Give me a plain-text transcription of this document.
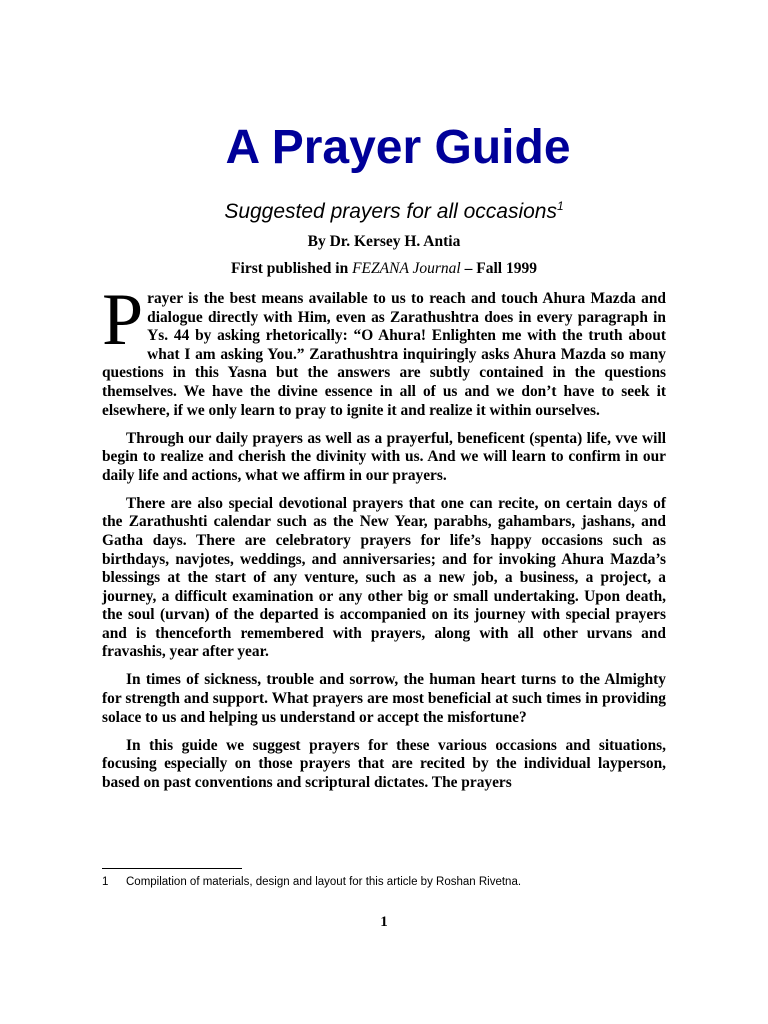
A Prayer Guide

Suggested prayers for all occasions$^1$

By Dr. Kersey H. Antia

First published in FEZANA Journal – Fall 1999

Prayer is the best means available to us to reach and touch Ahura Mazda and dialogue directly with Him, even as Zarathushtra does in every paragraph in Ys. 44 by asking rhetorically: “O Ahura! Enlighten me with the truth about what I am asking You.” Zarathushtra inquiringly asks Ahura Mazda so many questions in this Yasna but the answers are subtly contained in the questions themselves. We have the divine essence in all of us and we don’t have to seek it elsewhere, if we only learn to pray to ignite it and realize it within ourselves.

Through our daily prayers as well as a prayerful, beneficent (spenta) life, vve will begin to realize and cherish the divinity with us. And we will learn to confirm in our daily life and actions, what we affirm in our prayers.

There are also special devotional prayers that one can recite, on certain days of the Zarathushti calendar such as the New Year, parabhs, gahambars, jashans, and Gatha days. There are celebratory prayers for life’s happy occasions such as birthdays, navjotes, weddings, and anniversaries; and for invoking Ahura Mazda’s blessings at the start of any venture, such as a new job, a business, a project, a journey, a difficult examination or any other big or small undertaking. Upon death, the soul (urvan) of the departed is accompanied on its journey with special prayers and is thenceforth remembered with prayers, along with all other urvans and fravashis, year after year.

In times of sickness, trouble and sorrow, the human heart turns to the Almighty for strength and support. What prayers are most beneficial at such times in providing solace to us and helping us understand or accept the misfortune?

In this guide we suggest prayers for these various occasions and situations, focusing especially on those prayers that are recited by the individual layperson, based on past conventions and scriptural dictates. The prayers

1 Compilation of materials, design and layout for this article by Roshan Rivetna.
1
